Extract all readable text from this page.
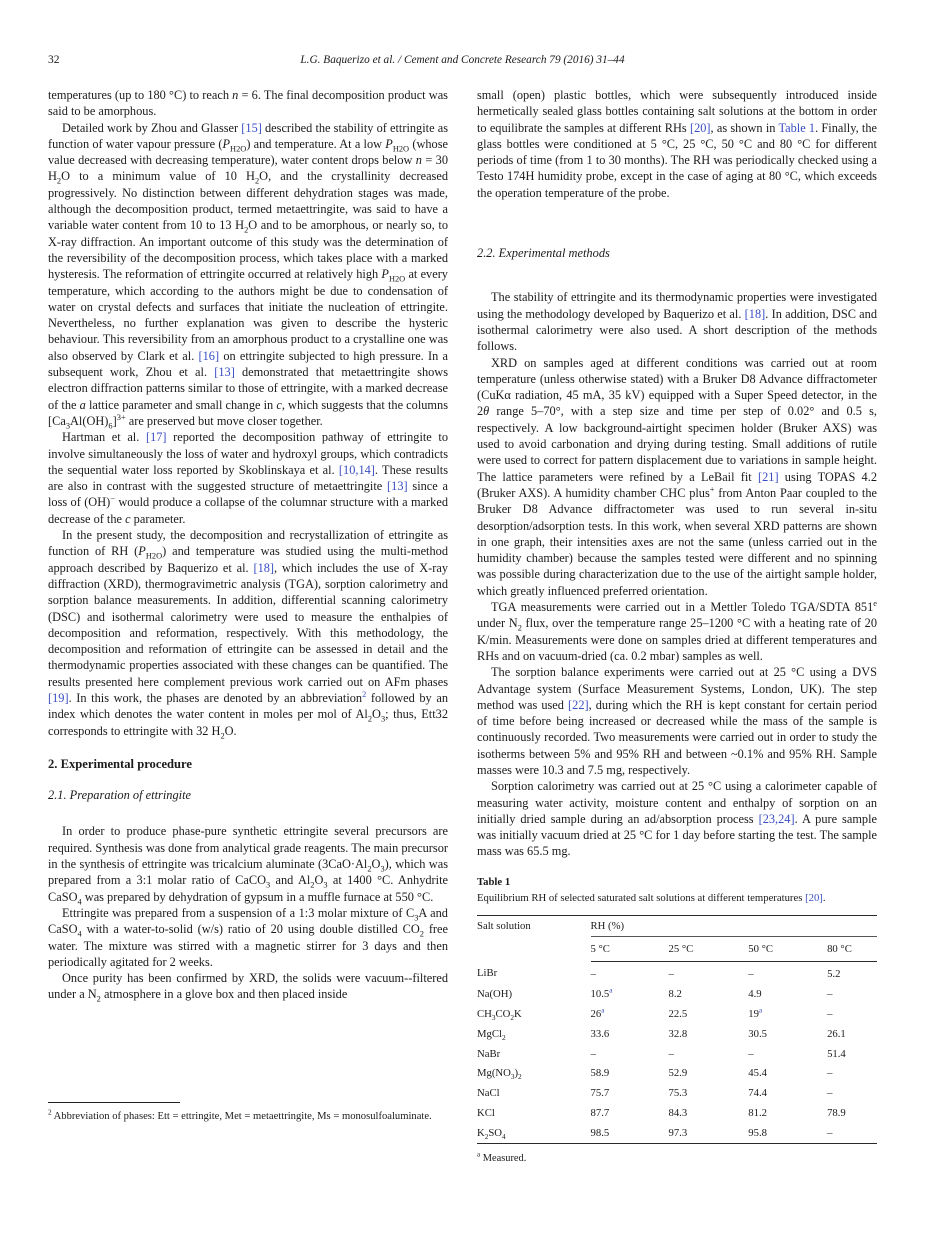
32	L.G. Baquerizo et al. / Cement and Concrete Research 79 (2016) 31–44

temperatures (up to 180 °C) to reach n = 6. The final decomposition product was said to be amorphous.

Detailed work by Zhou and Glasser [15] described the stability of ettringite as function of water vapour pressure $(P_{H2O})$ and temperature. At a low $P_{H2O}$ (whose value decreased with decreasing temperature), water content drops below n = 30 $H_2O$ to a minimum value of 10 $H_2O$, and the crystallinity decreased progressively. No distinction between different dehydration stages was made, although the decomposition product, termed metaettringite, was said to have a variable water content from 10 to 13 $H_2O$ and to be amorphous, or nearly so, to X-ray diffraction. An important outcome of this study was the determination of the reversibility of the decomposition process, which takes place with a marked hysteresis. The reformation of ettringite occurred at relatively high $P_{H2O}$ at every temperature, which according to the authors might be due to condensation of water on crystal defects and surfaces that initiate the nucleation of ettringite. Nevertheless, no further explanation was given to describe the hysteric behaviour. This reversibility from an amorphous product to a crystalline one was also observed by Clark et al. [16] on ettringite subjected to high pressure. In a subsequent work, Zhou et al. [13] demonstrated that metaettringite shows electron diffraction patterns similar to those of ettringite, with a marked decrease of the a lattice parameter and small change in c, which suggests that the columns $[Ca_3Al(OH)_6]^{3+}$ are preserved but move closer together.

Hartman et al. [17] reported the decomposition pathway of ettringite to involve simultaneously the loss of water and hydroxyl groups, which contradicts the sequential water loss reported by Skoblinskaya et al. [10,14]. These results are also in contrast with the suggested structure of metaettringite [13] since a loss of (OH)− would produce a collapse of the columnar structure with a marked decrease of the c parameter.

In the present study, the decomposition and recrystallization of ettringite as function of RH $(P_{H2O})$ and temperature was studied using the multi-method approach described by Baquerizo et al. [18], which includes the use of X-ray diffraction (XRD), thermogravimetric analysis (TGA), sorption calorimetry and sorption balance measurements. In addition, differential scanning calorimetry (DSC) and isothermal calorimetry were used to measure the enthalpies of decomposition and reformation, respectively. With this methodology, the decomposition and reformation of ettringite can be assessed in detail and the thermodynamic properties associated with these changes can be quantified. The results presented here complement previous work carried out on AFm phases [19]. In this work, the phases are denoted by an abbreviation$^2$ followed by an index which denotes the water content in moles per mol of $Al_2O_3$; thus, Ett32 corresponds to ettringite with 32 $H_2O$.

2. Experimental procedure
2.1. Preparation of ettringite

In order to produce phase-pure synthetic ettringite several precursors are required. Synthesis was done from analytical grade reagents. The main precursor in the synthesis of ettringite was tricalcium aluminate $(3CaO\cdot Al_2O_3)$, which was prepared from a 3:1 molar ratio of CaCO$_3$ and $Al_2O_3$ at 1400 °C. Anhydrite CaSO$_4$ was prepared by dehydration of gypsum in a muffle furnace at 550 °C.

Ettringite was prepared from a suspension of a 1:3 molar mixture of $C_3A$ and CaSO$_4$ with a water-to-solid (w/s) ratio of 20 using double distilled $CO_2$ free water. The mixture was stirred with a magnetic stirrer for 3 days and then periodically agitated for 2 weeks.

Once purity has been confirmed by XRD, the solids were vacuum--filtered under a $N_2$ atmosphere in a glove box and then placed inside

$^2$ Abbreviation of phases: Ett = ettringite, Met = metaettringite, Ms = monosulfoaluminate.

small (open) plastic bottles, which were subsequently introduced inside hermetically sealed glass bottles containing salt solutions at the bottom in order to equilibrate the samples at different RHs [20], as shown in Table 1. Finally, the glass bottles were conditioned at 5 °C, 25 °C, 50 °C and 80 °C for different periods of time (from 1 to 30 months). The RH was periodically checked using a Testo 174H humidity probe, except in the case of aging at 80 °C, which exceeds the operation temperature of the probe.

2.2. Experimental methods

The stability of ettringite and its thermodynamic properties were investigated using the methodology developed by Baquerizo et al. [18]. In addition, DSC and isothermal calorimetry were also used. A short description of the methods follows.

XRD on samples aged at different conditions was carried out at room temperature (unless otherwise stated) with a Bruker D8 Advance diffractometer (CuKα radiation, 45 mA, 35 kV) equipped with a Super Speed detector, in the 2θ range 5–70°, with a step size and time per step of 0.02° and 0.5 s, respectively. A low background-airtight specimen holder (Bruker AXS) was used to avoid carbonation and drying during testing. Small additions of rutile were used to correct for pattern displacement due to variations in sample height. The lattice parameters were refined by a LeBail fit [21] using TOPAS 4.2 (Bruker AXS). A humidity chamber CHC plus+ from Anton Paar coupled to the Bruker D8 Advance diffractometer was used to run several in-situ desorption/adsorption tests. In this work, when several XRD patterns are shown in one graph, their intensities axes are not the same (unless carried out in the humidity chamber) because the samples tested were different and no spinning was possible during characterization due to the use of the airtight sample holder, which greatly influenced preferred orientation.

TGA measurements were carried out in a Mettler Toledo TGA/SDTA 851e under $N_2$ flux, over the temperature range 25–1200 °C with a heating rate of 20 K/min. Measurements were done on samples dried at different temperatures and RHs and on vacuum-dried (ca. 0.2 mbar) samples as well.

The sorption balance experiments were carried out at 25 °C using a DVS Advantage system (Surface Measurement Systems, London, UK). The step method was used [22], during which the RH is kept constant for certain period of time before being increased or decreased while the mass of the sample is continuously recorded. Two measurements were carried out in order to study the isotherms between 5% and 95% RH and between ~0.1% and 95% RH. Sample masses were 10.3 and 7.5 mg, respectively.

Sorption calorimetry was carried out at 25 °C using a calorimeter capable of measuring water activity, moisture content and enthalpy of sorption on an initially dried sample during an ad/absorption process [23,24]. A pure sample was initially vacuum dried at 25 °C for 1 day before starting the test. The sample mass was 65.5 mg.

Table 1
Equilibrium RH of selected saturated salt solutions at different temperatures [20].
Salt solution	RH (%)			
	5 °C	25 °C	50 °C	80 °C
LiBr	–	–	–	5.2
Na(OH)	10.5$^a$	8.2	4.9	–
$CH_3CO_2K$	26$^a$	22.5	19$^a$	–
MgCl$_2$	33.6	32.8	30.5	26.1
NaBr	–	–	–	51.4
$Mg(NO_3)_2$	58.9	52.9	45.4	–
NaCl	75.7	75.3	74.4	–
KCl	87.7	84.3	81.2	78.9
$K_2SO_4$	98.5	97.3	95.8	–
$^a$ Measured.
